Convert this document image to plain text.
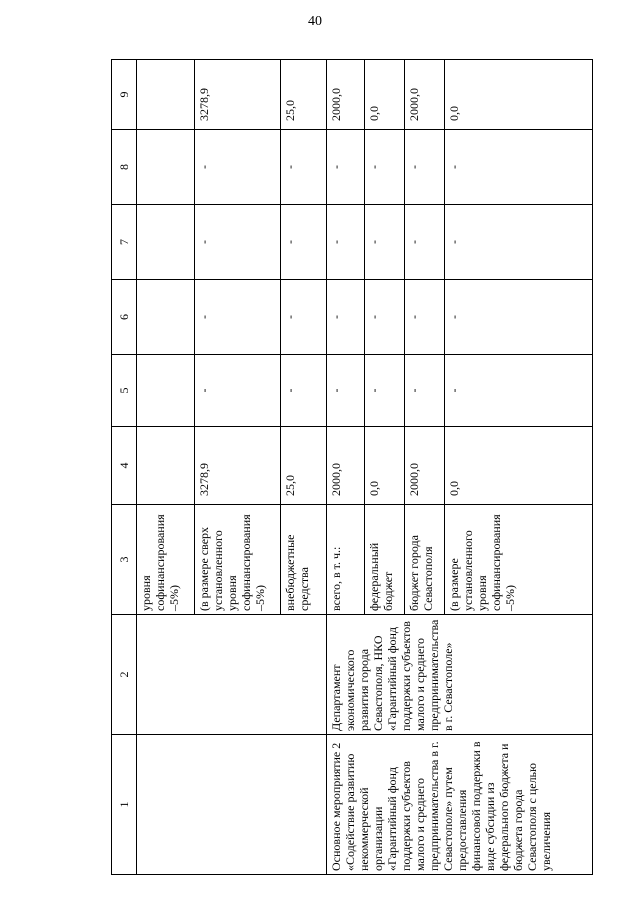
40
1	2	3	4	5	6	7	8	9
		уровня софинансирования –5%)						
		(в размере сверх установленного уровня софинансирования –5%)	3278,9	-	-	-	-	3278,9
		внебюджетные средства	25,0	-	-	-	-	25,0
Основное мероприятие 2 «Содействие развитию некоммерческой организации «Гарантийный фонд поддержки субъектов малого и среднего предпринимательства в г. Севастополе» путем предоставления финансовой поддержки в виде субсидии из федерального бюджета и бюджета города Севастополя с целью увеличения	Департамент экономического развития города Севастополя, НКО «Гарантийный фонд поддержки субъектов малого и среднего предпринимательства в г. Севастополе»	всего, в т. ч.:	2000,0	-	-	-	-	2000,0
		федеральный бюджет	0,0	-	-	-	-	0,0
		бюджет города Севастополя	2000,0	-	-	-	-	2000,0
		(в размере установленного уровня софинансирования –5%)	0,0	-	-	-	-	0,0
